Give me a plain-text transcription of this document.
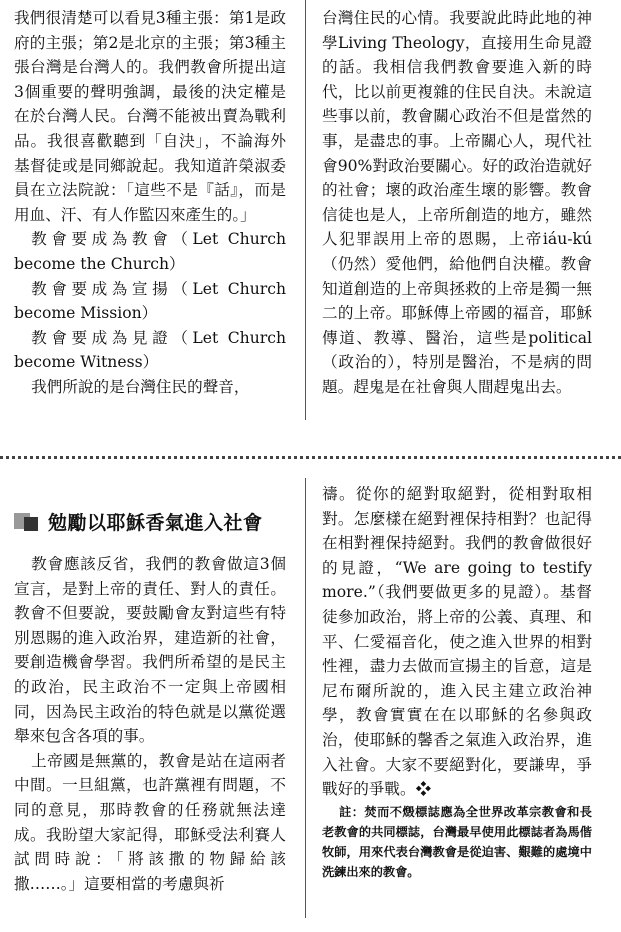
我們很清楚可以看見3種主張：第1是政府的主張；第2是北京的主張；第3種主張台灣是台灣人的。我們教會所提出這3個重要的聲明強調，最後的決定權是在於台灣人民。台灣不能被出賣為戰利品。我很喜歡聽到「自決」，不論海外基督徒或是同鄉說起。我知道許榮淑委員在立法院說：「這些不是『話』，而是用血、汗、有人作監囚來產生的。」

教會要成為教會（Let Church become the Church）

教會要成為宣揚（Let Church become Mission）

教會要成為見證（Let Church become Witness）

我們所說的是台灣住民的聲音，

台灣住民的心情。我要說此時此地的神學Living Theology，直接用生命見證的話。我相信我們教會要進入新的時代，比以前更複雜的住民自決。未說這些事以前，教會關心政治不但是當然的事，是盡忠的事。上帝關心人，現代社會90%對政治要關心。好的政治造就好的社會；壞的政治產生壞的影響。教會信徒也是人，上帝所創造的地方，雖然人犯罪誤用上帝的恩賜，上帝iáu-kú（仍然）愛他們，給他們自決權。教會知道創造的上帝與拯救的上帝是獨一無二的上帝。耶穌傳上帝國的福音，耶穌傳道、教導、醫治，這些是political（政治的），特別是醫治，不是病的問題。趕鬼是在社會與人間趕鬼出去。

勉勵以耶穌香氣進入社會

教會應該反省，我們的教會做這3個宣言，是對上帝的責任、對人的責任。教會不但要說，要鼓勵會友對這些有特別恩賜的進入政治界，建造新的社會，要創造機會學習。我們所希望的是民主的政治，民主政治不一定與上帝國相同，因為民主政治的特色就是以黨從選舉來包含各項的事。

上帝國是無黨的，教會是站在這兩者中間。一旦組黨，也許黨裡有問題，不同的意見，那時教會的任務就無法達成。我盼望大家記得，耶穌受法利賽人試問時說：「將該撒的物歸給該撒……。」這要相當的考慮與祈

禱。從你的絕對取絕對，從相對取相對。怎麼樣在絕對裡保持相對？也記得在相對裡保持絕對。我們的教會做很好的見證，“We are going to testify more.”（我們要做更多的見證）。基督徒參加政治，將上帝的公義、真理、和平、仁愛福音化，使之進入世界的相對性裡，盡力去做而宣揚主的旨意，這是尼布爾所說的，進入民主建立政治神學，教會實實在在以耶穌的名參與政治，使耶穌的馨香之氣進入政治界，進入社會。大家不要絕對化，要謙卑，爭戰好的爭戰。❖

註：焚而不燬標誌應為全世界改革宗教會和長老教會的共同標誌，台灣最早使用此標誌者為馬偕牧師，用來代表台灣教會是從迫害、艱難的處境中洗鍊出來的教會。
